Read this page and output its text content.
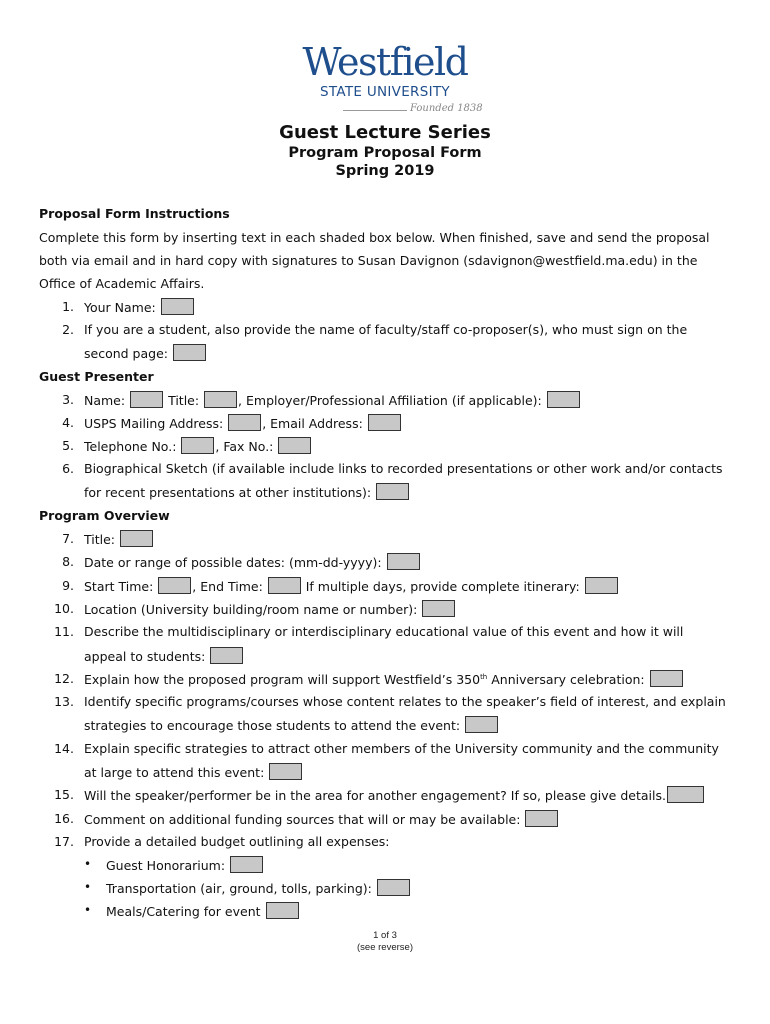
Westfield
STATE UNIVERSITY
Founded 1838
Guest Lecture Series
Program Proposal Form
Spring 2019
Proposal Form Instructions
Complete this form by inserting text in each shaded box below. When finished, save and send the proposal
both via email and in hard copy with signatures to Susan Davignon (sdavignon@westfield.ma.edu) in the
Office of Academic Affairs.
1. Your Name:
2. If you are a student, also provide the name of faculty/staff co-proposer(s), who must sign on the
second page:
Guest Presenter
3. Name:	Title:	, Employer/Professional Affiliation (if applicable):
4. USPS Mailing Address:	, Email Address:
5. Telephone No.:	, Fax No.:
6. Biographical Sketch (if available include links to recorded presentations or other work and/or contacts
for recent presentations at other institutions):
Program Overview
7. Title:
8. Date or range of possible dates: (mm-dd-yyyy):
9. Start Time:	, End Time:	If multiple days, provide complete itinerary:
10. Location (University building/room name or number):
11. Describe the multidisciplinary or interdisciplinary educational value of this event and how it will
appeal to students:
12. Explain how the proposed program will support Westfield’s 350th Anniversary celebration:
13. Identify specific programs/courses whose content relates to the speaker’s field of interest, and explain
strategies to encourage those students to attend the event:
14. Explain specific strategies to attract other members of the University community and the community
at large to attend this event:
15. Will the speaker/performer be in the area for another engagement? If so, please give details.
16. Comment on additional funding sources that will or may be available:
17. Provide a detailed budget outlining all expenses:
• Guest Honorarium:
• Transportation (air, ground, tolls, parking):
• Meals/Catering for event
1 of 3
(see reverse)
